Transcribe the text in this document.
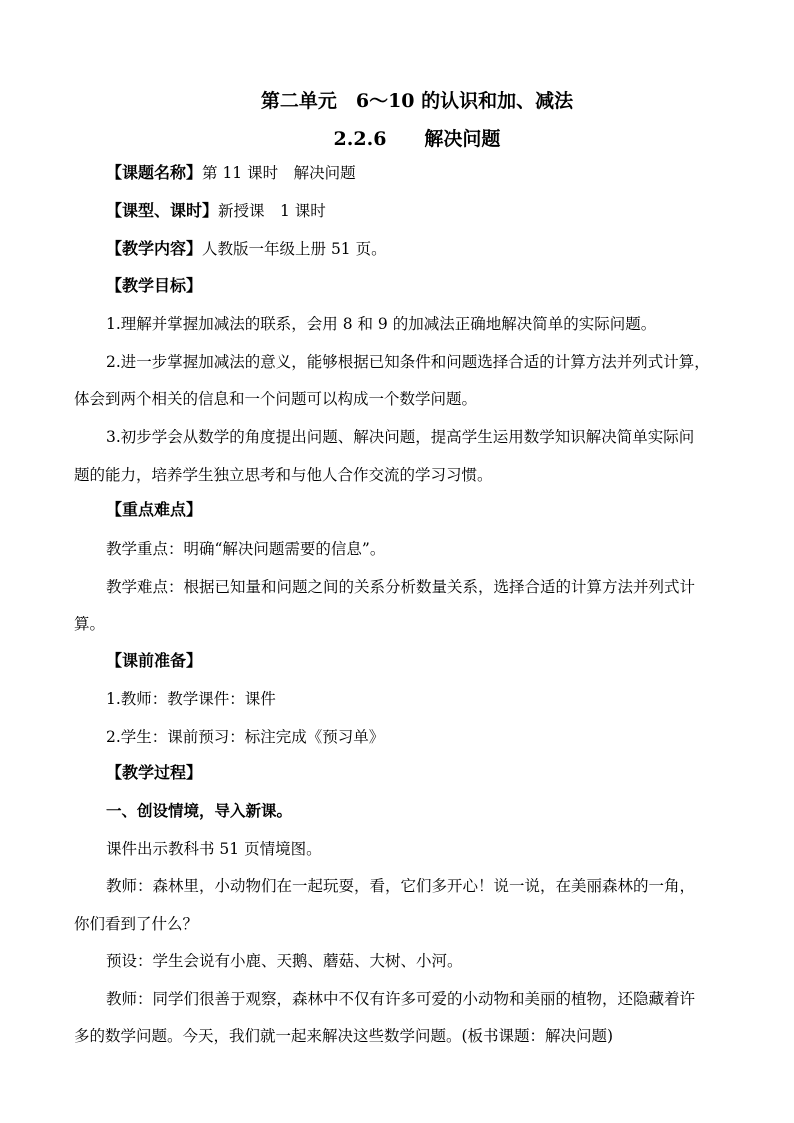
第二单元　6～10 的认识和加、减法
2.2.6　　解决问题
【课题名称】第 11 课时　解决问题
【课型、课时】新授课　1 课时
【教学内容】人教版一年级上册 51 页。
【教学目标】
1.理解并掌握加减法的联系，会用 8 和 9 的加减法正确地解决简单的实际问题。
2.进一步掌握加减法的意义，能够根据已知条件和问题选择合适的计算方法并列式计算，
体会到两个相关的信息和一个问题可以构成一个数学问题。
3.初步学会从数学的角度提出问题、解决问题，提高学生运用数学知识解决简单实际问
题的能力，培养学生独立思考和与他人合作交流的学习习惯。
【重点难点】
教学重点：明确“解决问题需要的信息”。
教学难点：根据已知量和问题之间的关系分析数量关系，选择合适的计算方法并列式计
算。
【课前准备】
1.教师：教学课件：课件
2.学生：课前预习：标注完成《预习单》
【教学过程】
一、创设情境，导入新课。
课件出示教科书 51 页情境图。
教师：森林里，小动物们在一起玩耍，看，它们多开心！说一说，在美丽森林的一角，
你们看到了什么？
预设：学生会说有小鹿、天鹅、蘑菇、大树、小河。
教师：同学们很善于观察，森林中不仅有许多可爱的小动物和美丽的植物，还隐藏着许
多的数学问题。今天，我们就一起来解决这些数学问题。(板书课题：解决问题)
